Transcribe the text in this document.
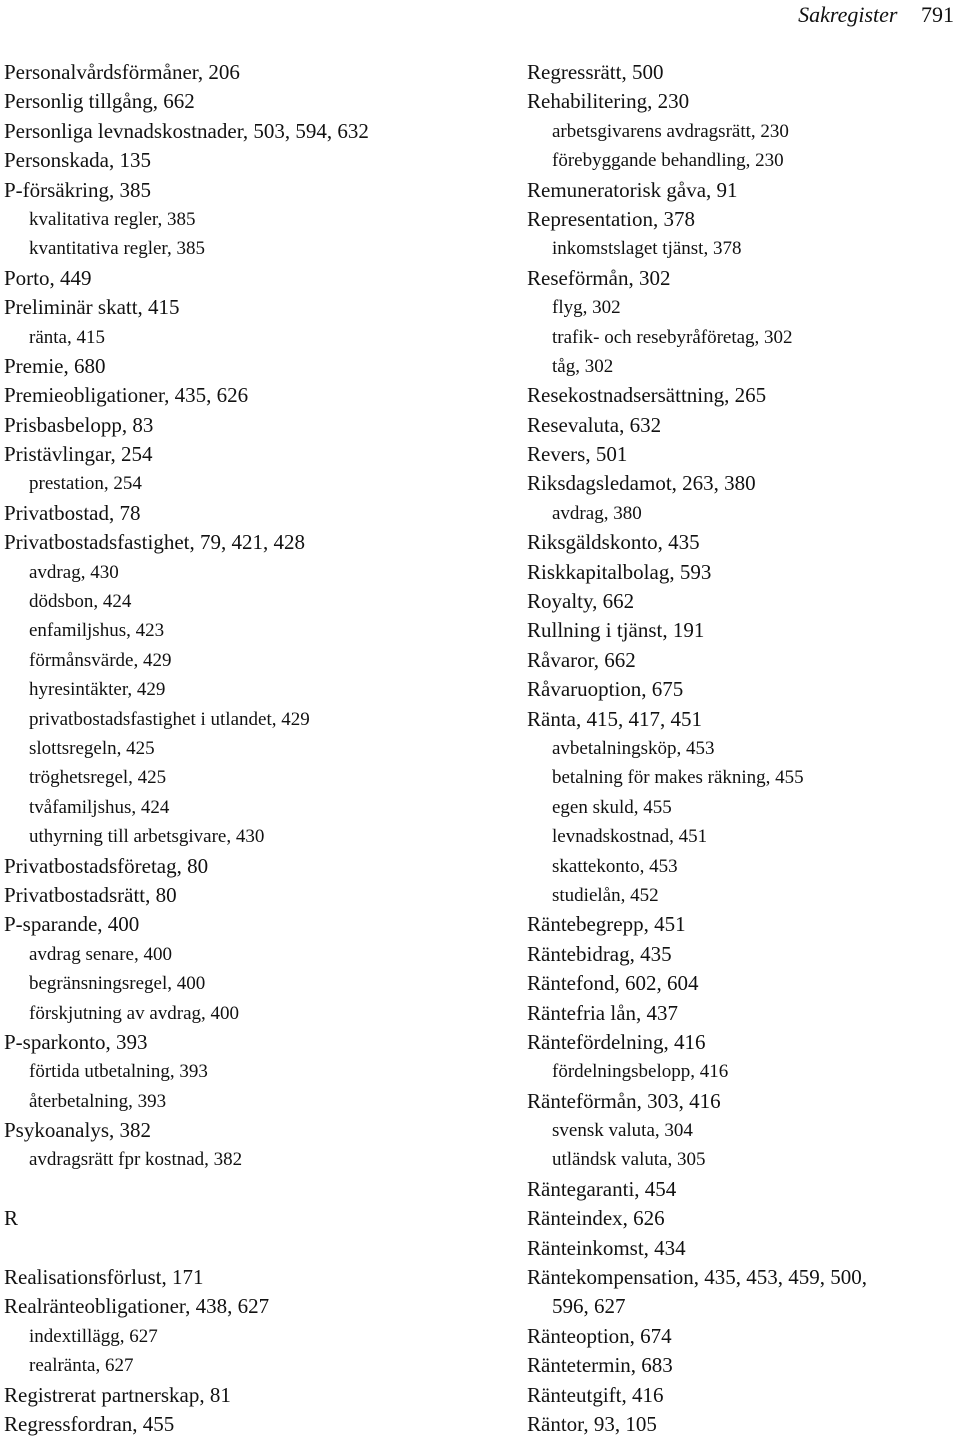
Sakregister 791
Personalvårdsförmåner, 206
Personlig tillgång, 662
Personliga levnadskostnader, 503, 594, 632
Personskada, 135
P-försäkring, 385
kvalitativa regler, 385
kvantitativa regler, 385
Porto, 449
Preliminär skatt, 415
ränta, 415
Premie, 680
Premieobligationer, 435, 626
Prisbasbelopp, 83
Pristävlingar, 254
prestation, 254
Privatbostad, 78
Privatbostadsfastighet, 79, 421, 428
avdrag, 430
dödsbon, 424
enfamiljshus, 423
förmånsvärde, 429
hyresintäkter, 429
privatbostadsfastighet i utlandet, 429
slottsregeln, 425
tröghetsregel, 425
tvåfamiljshus, 424
uthyrning till arbetsgivare, 430
Privatbostadsföretag, 80
Privatbostadsrätt, 80
P-sparande, 400
avdrag senare, 400
begränsningsregel, 400
förskjutning av avdrag, 400
P-sparkonto, 393
förtida utbetalning, 393
återbetalning, 393
Psykoanalys, 382
avdragsrätt fpr kostnad, 382
R
Realisationsförlust, 171
Realränteobligationer, 438, 627
indextillägg, 627
realränta, 627
Registrerat partnerskap, 81
Regressfordran, 455
Regressrätt, 500
Rehabilitering, 230
arbetsgivarens avdragsrätt, 230
förebyggande behandling, 230
Remuneratorisk gåva, 91
Representation, 378
inkomstslaget tjänst, 378
Reseförmån, 302
flyg, 302
trafik- och resebyråföretag, 302
tåg, 302
Resekostnadsersättning, 265
Resevaluta, 632
Revers, 501
Riksdagsledamot, 263, 380
avdrag, 380
Riksgäldskonto, 435
Riskkapitalbolag, 593
Royalty, 662
Rullning i tjänst, 191
Råvaror, 662
Råvaruoption, 675
Ränta, 415, 417, 451
avbetalningsköp, 453
betalning för makes räkning, 455
egen skuld, 455
levnadskostnad, 451
skattekonto, 453
studielån, 452
Räntebegrepp, 451
Räntebidrag, 435
Räntefond, 602, 604
Räntefria lån, 437
Räntefördelning, 416
fördelningsbelopp, 416
Ränteförmån, 303, 416
svensk valuta, 304
utländsk valuta, 305
Räntegaranti, 454
Ränteindex, 626
Ränteinkomst, 434
Räntekompensation, 435, 453, 459, 500,
596, 627
Ränteoption, 674
Räntetermin, 683
Ränteutgift, 416
Räntor, 93, 105
